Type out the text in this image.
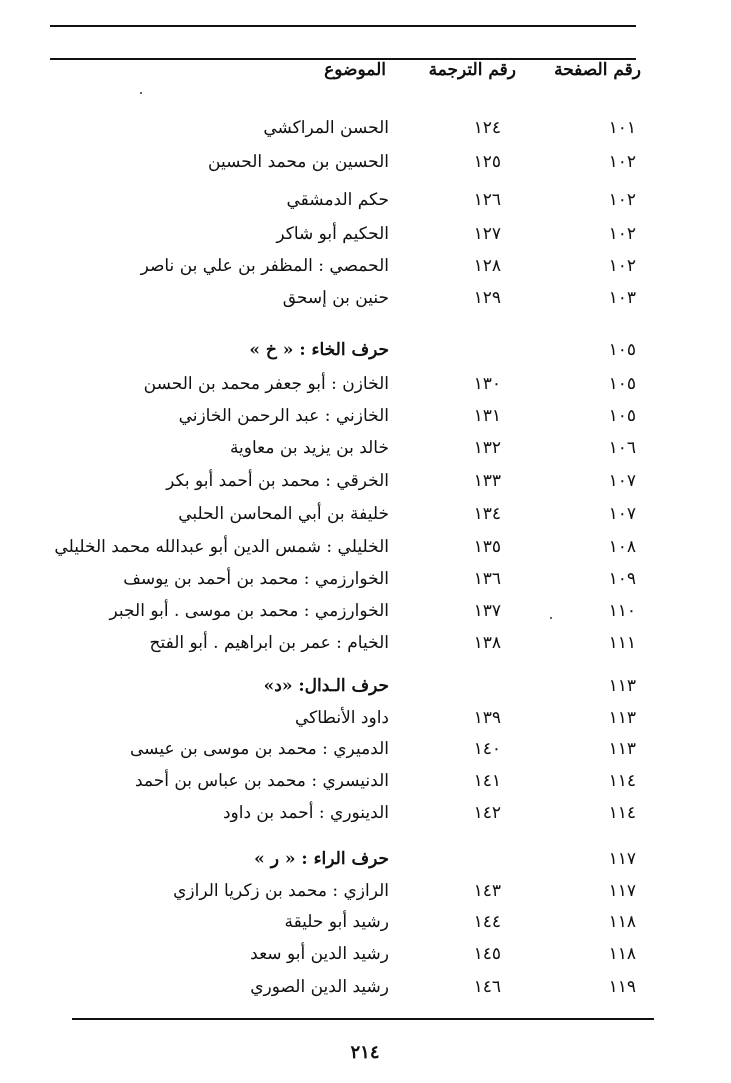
رقم الصفحة
رقم الترجمة
الموضوع
١٠١
١٢٤
الحسن المراكشي
١٠٢
١٢٥
الحسين بن محمد الحسين
١٠٢
١٢٦
حكم الدمشقي
١٠٢
١٢٧
الحكيم أبو شاكر
١٠٢
١٢٨
الحمصي : المظفر بن علي بن ناصر
١٠٣
١٢٩
حنين بن إسحق
١٠٥
حرف الخاء : « خ »
١٠٥
١٣٠
الخازن : أبو جعفر محمد بن الحسن
١٠٥
١٣١
الخازني : عبد الرحمن الخازني
١٠٦
١٣٢
خالد بن يزيد بن معاوية
١٠٧
١٣٣
الخرقي : محمد بن أحمد أبو بكر
١٠٧
١٣٤
خليفة بن أبي المحاسن الحلبي
١٠٨
١٣٥
الخليلي : شمس الدين أبو عبدالله محمد الخليلي
١٠٩
١٣٦
الخوارزمي : محمد بن أحمد بن يوسف
١١٠
١٣٧
الخوارزمي : محمد بن موسى . أبو الجبر
١١١
١٣٨
الخيام : عمر بن ابراهيم . أبو الفتح
١١٣
حرف الـدال: «د»
١١٣
١٣٩
داود الأنطاكي
١١٣
١٤٠
الدميري : محمد بن موسى بن عيسى
١١٤
١٤١
الدنيسري : محمد بن عباس بن أحمد
١١٤
١٤٢
الدينوري : أحمد بن داود
١١٧
حرف الراء : « ر »
١١٧
١٤٣
الرازي : محمد بن زكريا الرازي
١١٨
١٤٤
رشيد أبو حليقة
١١٨
١٤٥
رشيد الدين أبو سعد
١١٩
١٤٦
رشيد الدين الصوري
٢١٤
